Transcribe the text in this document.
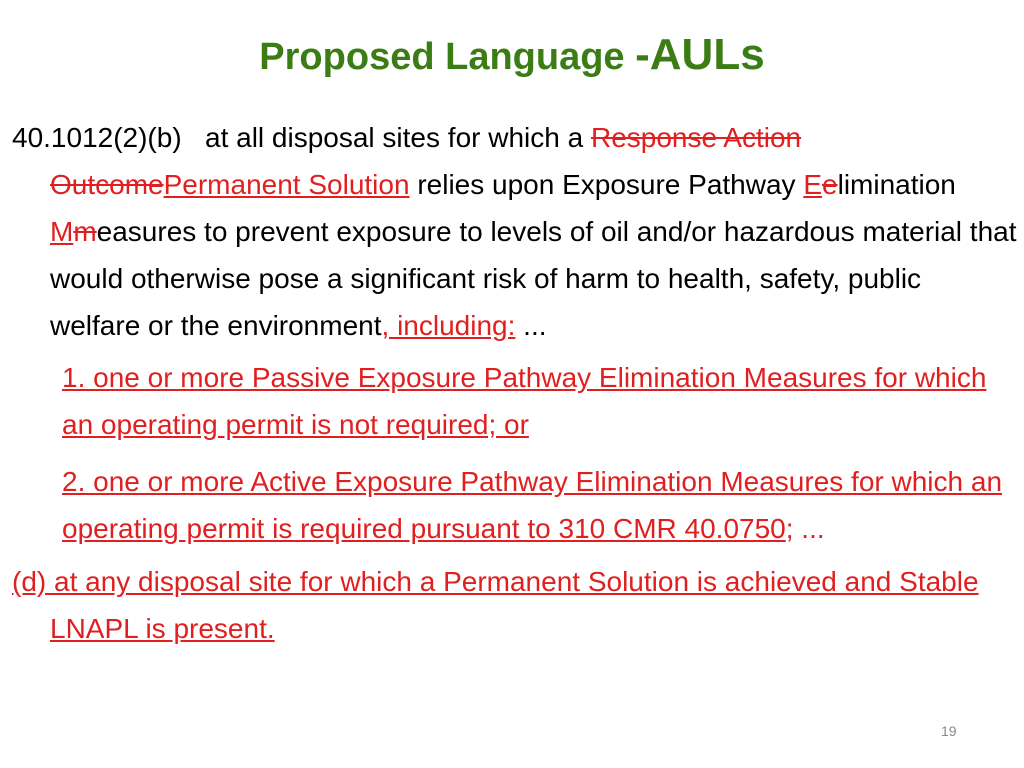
Proposed Language -AULs

40.1012(2)(b) at all disposal sites for which a Response Action OutcomePermanent Solution relies upon Exposure Pathway Eelimination Mmeasures to prevent exposure to levels of oil and/or hazardous material that would otherwise pose a significant risk of harm to health, safety, public welfare or the environment, including: ...

1. one or more Passive Exposure Pathway Elimination Measures for which an operating permit is not required; or

2. one or more Active Exposure Pathway Elimination Measures for which an operating permit is required pursuant to 310 CMR 40.0750; ...

(d) at any disposal site for which a Permanent Solution is achieved and Stable LNAPL is present.

19
